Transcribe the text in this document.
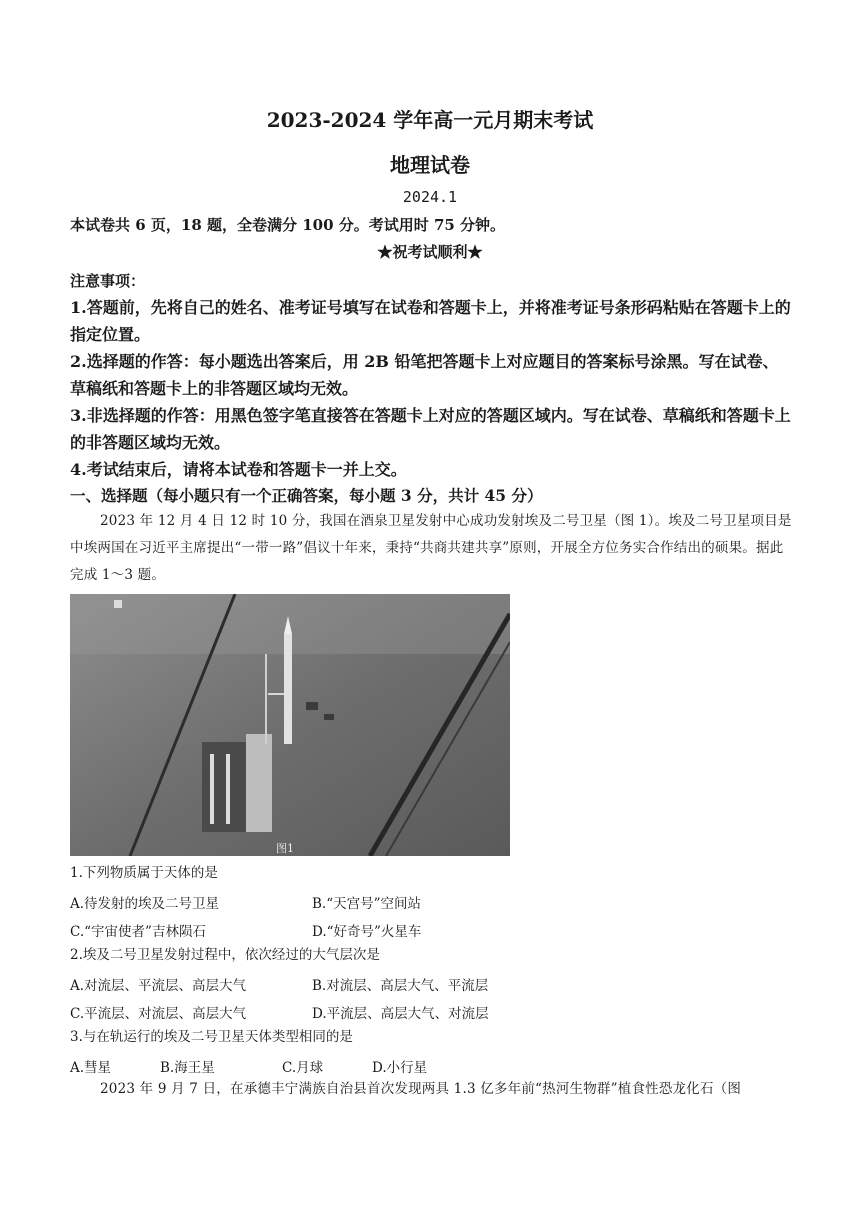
2023-2024 学年高一元月期末考试
地理试卷
2024.1
本试卷共 6 页，18 题，全卷满分 100 分。考试用时 75 分钟。
★祝考试顺利★
注意事项：
1.答题前，先将自己的姓名、准考证号填写在试卷和答题卡上，并将准考证号条形码粘贴在答题卡上的指定位置。
2.选择题的作答：每小题选出答案后，用 2B 铅笔把答题卡上对应题目的答案标号涂黑。写在试卷、草稿纸和答题卡上的非答题区域均无效。
3.非选择题的作答：用黑色签字笔直接答在答题卡上对应的答题区域内。写在试卷、草稿纸和答题卡上的非答题区域均无效。
4.考试结束后，请将本试卷和答题卡一并上交。
一、选择题（每小题只有一个正确答案，每小题 3 分，共计 45 分）
2023 年 12 月 4 日 12 时 10 分，我国在酒泉卫星发射中心成功发射埃及二号卫星（图 1）。埃及二号卫星项目是中埃两国在习近平主席提出“一带一路”倡议十年来，秉持“共商共建共享”原则，开展全方位务实合作结出的硕果。据此完成 1～3 题。
图1
1.下列物质属于天体的是
A.待发射的埃及二号卫星	B.“天宫号”空间站
C.“宇宙使者”吉林陨石	D.“好奇号”火星车
2.埃及二号卫星发射过程中，依次经过的大气层次是
A.对流层、平流层、高层大气	B.对流层、高层大气、平流层
C.平流层、对流层、高层大气	D.平流层、高层大气、对流层
3.与在轨运行的埃及二号卫星天体类型相同的是
A.彗星	B.海王星	C.月球	D.小行星
2023 年 9 月 7 日，在承德丰宁满族自治县首次发现两具 1.3 亿多年前“热河生物群”植食性恐龙化石（图
